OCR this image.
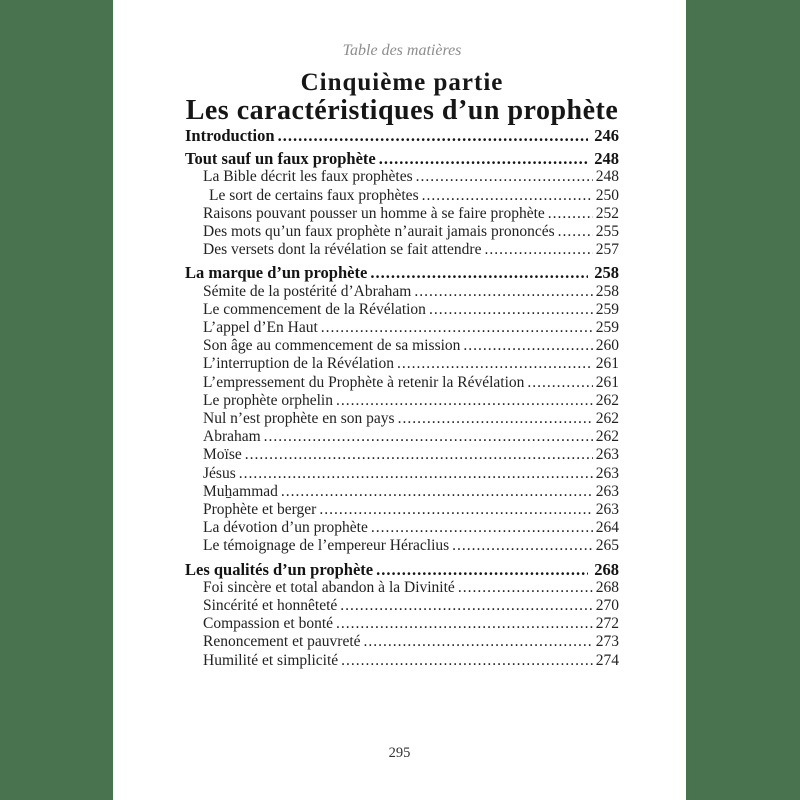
Table des matières
Cinquième partie
Les caractéristiques d’un prophète
Introduction .....	246
Tout sauf un faux prophète .....	248
La Bible décrit les faux prophètes .....	248
Le sort de certains faux prophètes .....	250
Raisons pouvant pousser un homme à se faire prophète .....	252
Des mots qu’un faux prophète n’aurait jamais prononcés .....	255
Des versets dont la révélation se fait attendre .....	257
La marque d’un prophète .....	258
Sémite de la postérité d’Abraham .....	258
Le commencement de la Révélation .....	259
L’appel d’En Haut .....	259
Son âge au commencement de sa mission .....	260
L’interruption de la Révélation .....	261
L’empressement du Prophète à retenir la Révélation .....	261
Le prophète orphelin .....	262
Nul n’est prophète en son pays .....	262
Abraham .....	262
Moïse .....	263
Jésus .....	263
Muẖammad .....	263
Prophète et berger .....	263
La dévotion d’un prophète .....	264
Le témoignage de l’empereur Héraclius .....	265
Les qualités d’un prophète .....	268
Foi sincère et total abandon à la Divinité .....	268
Sincérité et honnêteté .....	270
Compassion et bonté .....	272
Renoncement et pauvreté .....	273
Humilité et simplicité .....	274
295
